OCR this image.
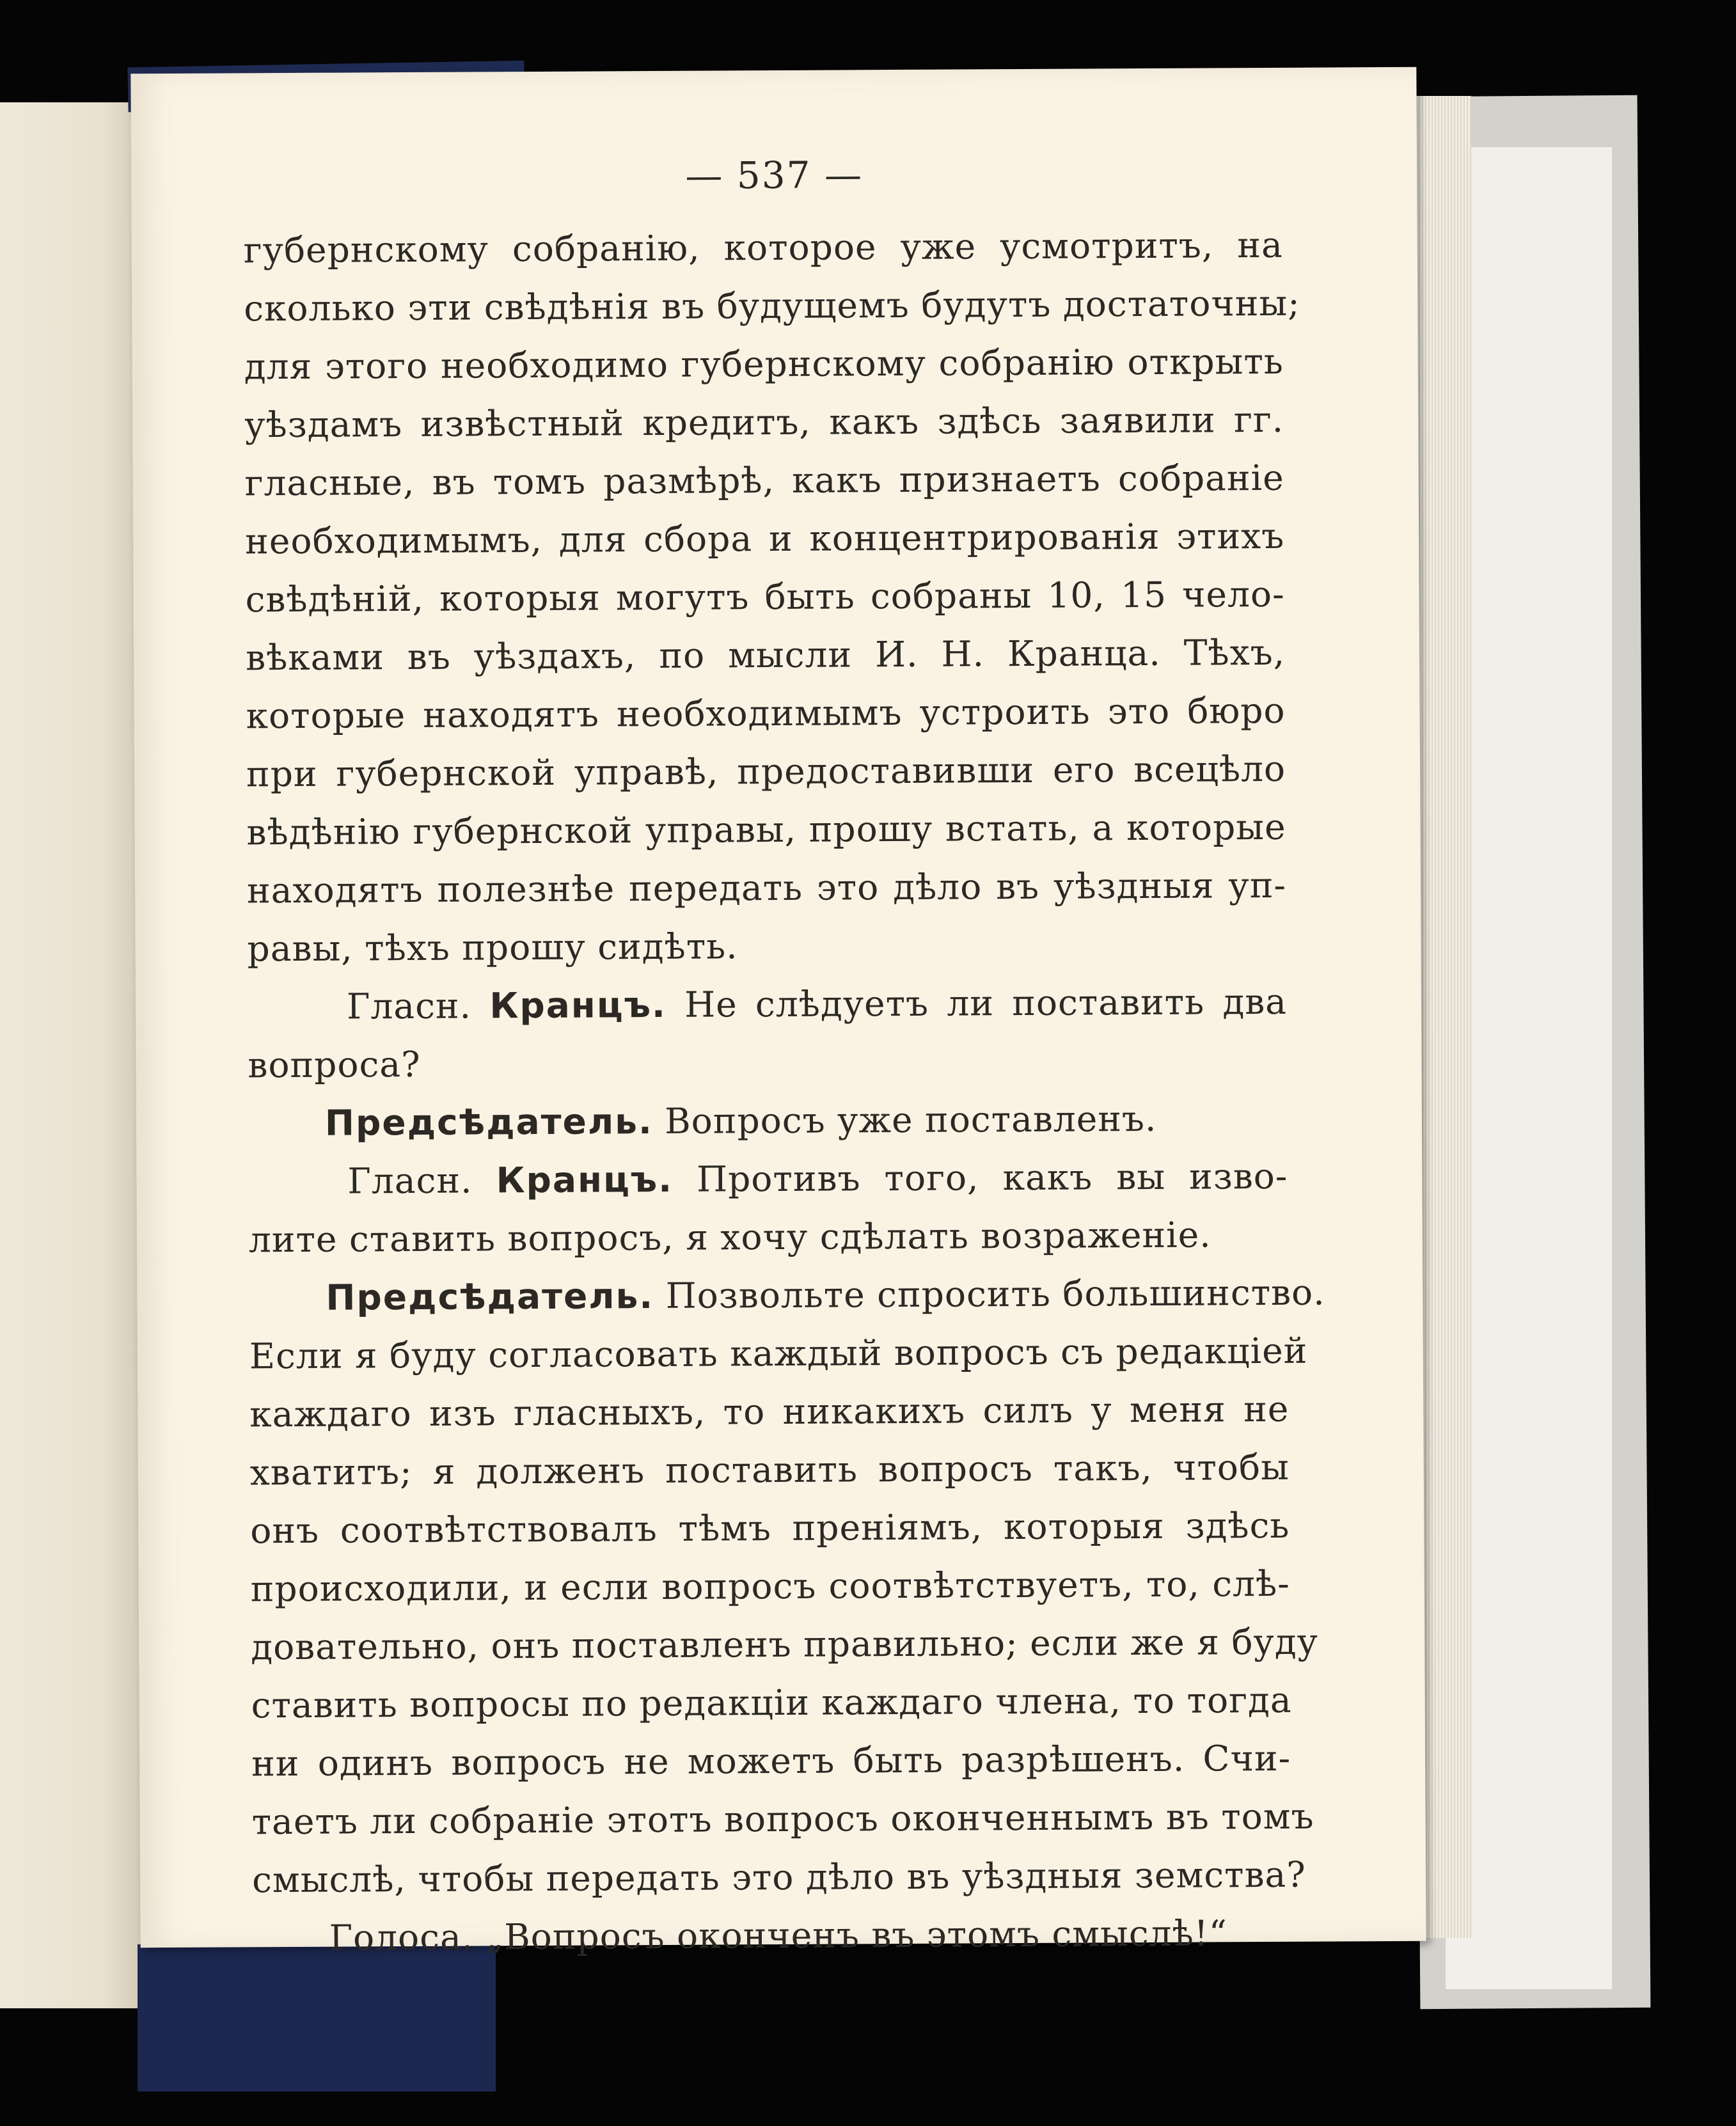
— 537 —
губернскому собранію, которое уже усмотритъ, на
сколько эти свѣдѣнія въ будущемъ будутъ достаточны;
для этого необходимо губернскому собранію открыть
уѣздамъ извѣстный кредитъ, какъ здѣсь заявили гг.
гласные, въ томъ размѣрѣ, какъ признаетъ собраніе
необходимымъ, для сбора и концентрированія этихъ
свѣдѣній, которыя могутъ быть собраны 10, 15 чело-
вѣками въ уѣздахъ, по мысли И. Н. Кранца. Тѣхъ,
которые находятъ необходимымъ устроить это бюро
при губернской управѣ, предоставивши его всецѣло
вѣдѣнію губернской управы, прошу встать, а которые
находятъ полезнѣе передать это дѣло въ уѣздныя уп-
равы, тѣхъ прошу сидѣть.
Гласн. Кранцъ. Не слѣдуетъ ли поставить два
вопроса?
Предсѣдатель. Вопросъ уже поставленъ.
Гласн. Кранцъ. Противъ того, какъ вы изво-
лите ставить вопросъ, я хочу сдѣлать возраженіе.
Предсѣдатель. Позвольте спросить большинство.
Если я буду согласовать каждый вопросъ съ редакціей
каждаго изъ гласныхъ, то никакихъ силъ у меня не
хватитъ; я долженъ поставить вопросъ такъ, чтобы
онъ соотвѣтствовалъ тѣмъ преніямъ, которыя здѣсь
происходили, и если вопросъ соотвѣтствуетъ, то, слѣ-
довательно, онъ поставленъ правильно; если же я буду
ставить вопросы по редакціи каждаго члена, то тогда
ни одинъ вопросъ не можетъ быть разрѣшенъ. Счи-
таетъ ли собраніе этотъ вопросъ оконченнымъ въ томъ
смыслѣ, чтобы передать это дѣло въ уѣздныя земства?
Голоса. „Вопросъ оконченъ въ этомъ смыслѣ!“
